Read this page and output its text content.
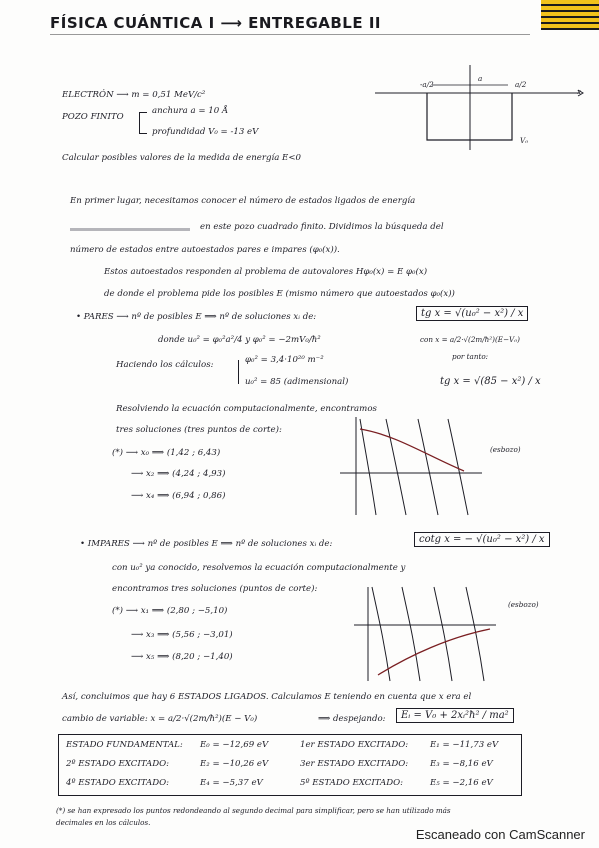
FÍSICA CUÁNTICA I ⟶ ENTREGABLE II
ELECTRÓN ⟶ m = 0,51 MeV/c²
POZO FINITO
anchura a = 10 Å
profundidad V₀ = -13 eV
Calcular posibles valores de la medida de energía E<0
-a/2	a/2
a
x
V₀
En primer lugar, necesitamos conocer el número de estados ligados de energía
en este pozo cuadrado finito. Dividimos la búsqueda del
número de estados entre autoestados pares e impares (φ₀(x)).
Estos autoestados responden al problema de autovalores Hφ₀(x) = E φ₀(x)
de donde el problema pide los posibles E (mismo número que autoestados φ₀(x))
• PARES ⟶ nº de posibles E ⟹ nº de soluciones xᵢ de:	tg x = √(u₀² − x²) / x
donde u₀² = φ₀²a²/4 y φ₀² = −2mV₀/ħ²	con x = a/2·√(2m/ħ²)(E−V₀)
Haciendo los cálculos:	φ₀² = 3,4·10²⁰ m⁻²
u₀² = 85 (adimensional)
por tanto:
tg x = √(85 − x²) / x
Resolviendo la ecuación computacionalmente, encontramos
tres soluciones (tres puntos de corte):
(*) ⟶ x₀ ⟹ (1,42 ; 6,43)
⟶ x₂ ⟹ (4,24 ; 4,93)
⟶ x₄ ⟹ (6,94 ; 0,86)
(esbozo)
• IMPARES ⟶ nº de posibles E ⟹ nº de soluciones xᵢ de:	cotg x = − √(u₀² − x²) / x
con u₀² ya conocido, resolvemos la ecuación computacionalmente y
encontramos tres soluciones (puntos de corte):
(*) ⟶ x₁ ⟹ (2,80 ; −5,10)
⟶ x₃ ⟹ (5,56 ; −3,01)
⟶ x₅ ⟹ (8,20 ; −1,40)
(esbozo)
Así, concluimos que hay 6 ESTADOS LIGADOS. Calculamos E teniendo en cuenta que x era el
cambio de variable: x = a/2·√(2m/ħ²)(E − V₀)	⟹ despejando:	Eᵢ = V₀ + 2xᵢ²ħ² / ma²
ESTADO FUNDAMENTAL: E₀ = −12,69 eV	1er ESTADO EXCITADO:	E₁ = −11,73 eV
2º ESTADO EXCITADO:	E₂ = −10,26 eV	3er ESTADO EXCITADO:	E₃ = −8,16 eV
4º ESTADO EXCITADO:	E₄ = −5,37 eV	5º ESTADO EXCITADO:	E₅ = −2,16 eV
(*) se han expresado los puntos redondeando al segundo decimal para simplificar, pero se han utilizado más
decimales en los cálculos.
Escaneado con CamScanner
